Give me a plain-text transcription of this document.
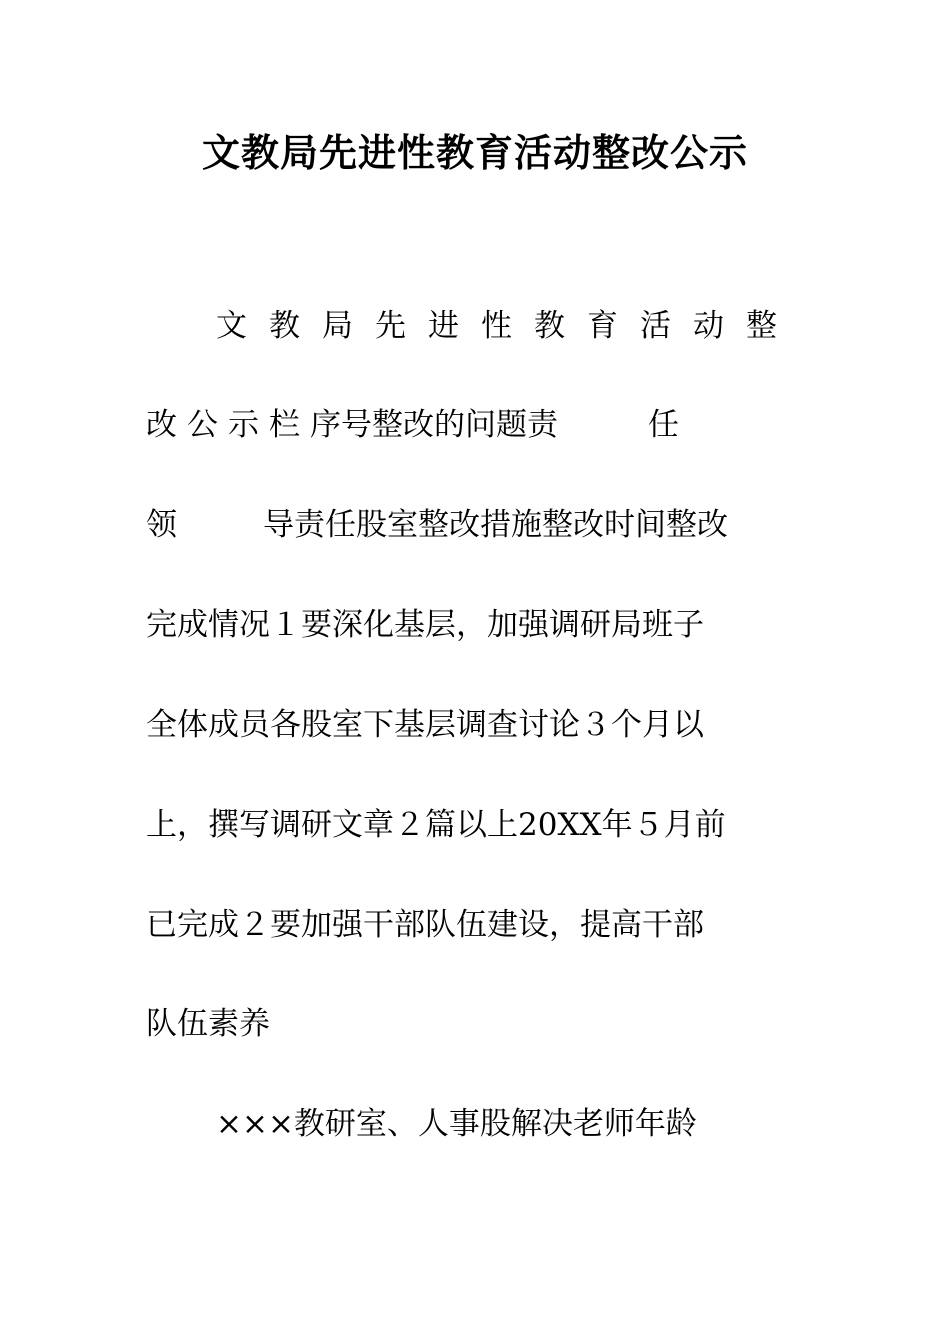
文教局先进性教育活动整改公示
文教局先进性教育活动整
改公示栏序号整改的问题责	任
领	导责任股室整改措施整改时间整改
完成情况１要深化基层，加强调研局班子
全体成员各股室下基层调查讨论３个月以
上，撰写调研文章２篇以上20XX年５月前
已完成２要加强干部队伍建设，提高干部
队伍素养
×××教研室、人事股解决老师年龄
